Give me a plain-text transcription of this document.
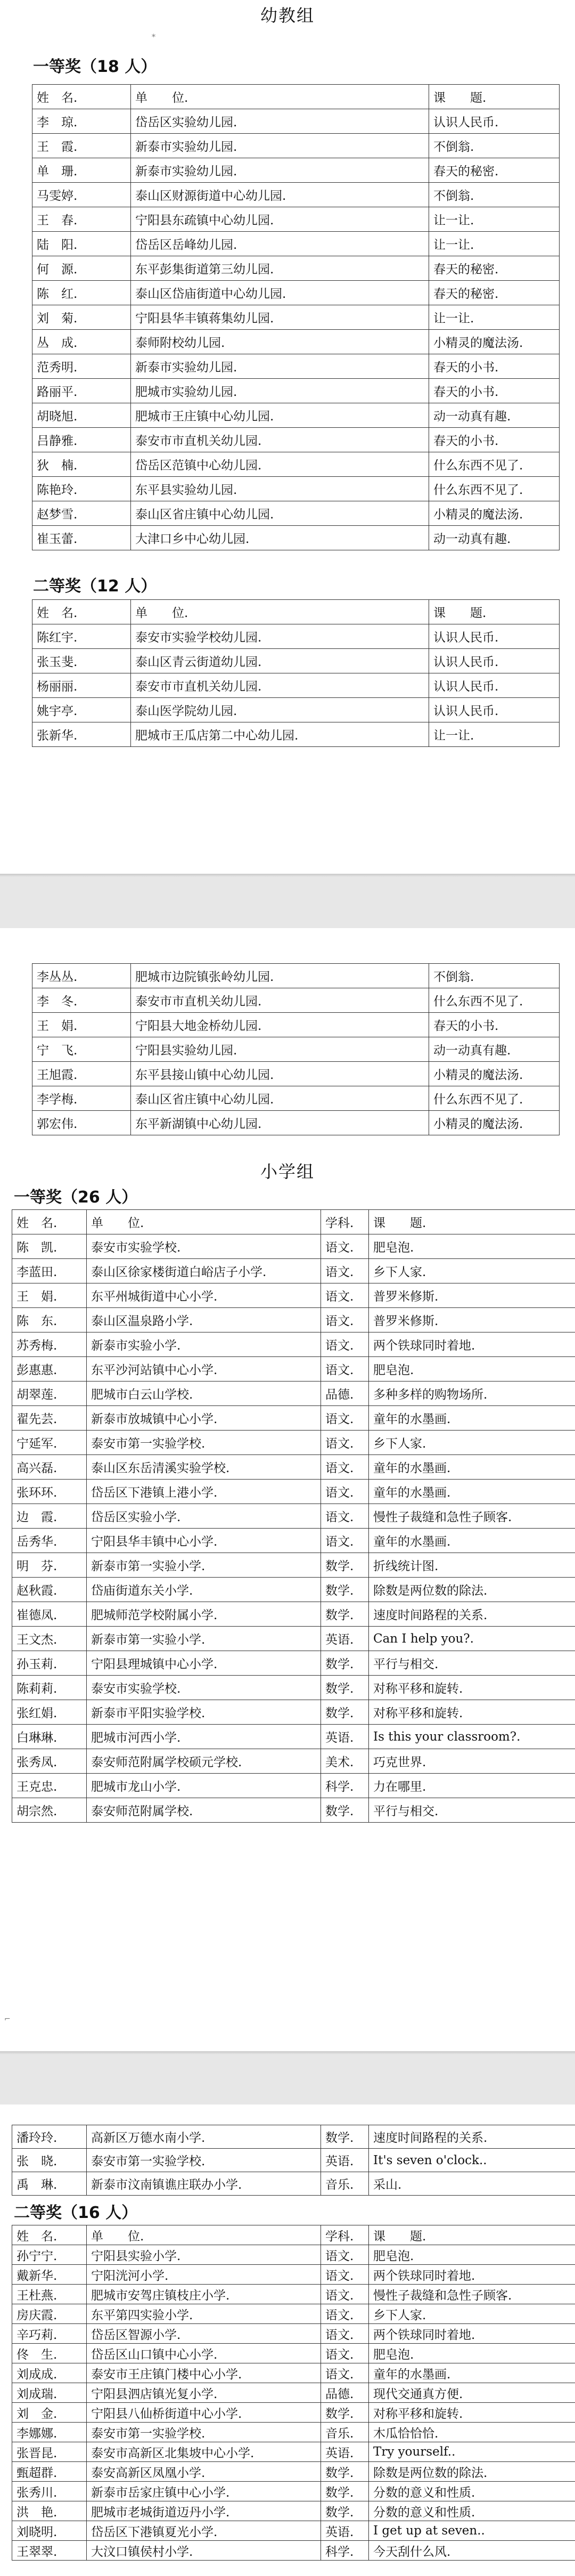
*
幼教组
一等奖（18 人）
姓　名.	单　　位.	课　　题.
李　琼.	岱岳区实验幼儿园.	认识人民币.
王　霞.	新泰市实验幼儿园.	不倒翁.
单　珊.	新泰市实验幼儿园.	春天的秘密.
马雯婷.	泰山区财源街道中心幼儿园.	不倒翁.
王　春.	宁阳县东疏镇中心幼儿园.	让一让.
陆　阳.	岱岳区岳峰幼儿园.	让一让.
何　源.	东平彭集街道第三幼儿园.	春天的秘密.
陈　红.	泰山区岱庙街道中心幼儿园.	春天的秘密.
刘　菊.	宁阳县华丰镇蒋集幼儿园.	让一让.
丛　成.	泰师附校幼儿园.	小精灵的魔法汤.
范秀明.	新泰市实验幼儿园.	春天的小书.
路丽平.	肥城市实验幼儿园.	春天的小书.
胡晓旭.	肥城市王庄镇中心幼儿园.	动一动真有趣.
吕静雅.	泰安市市直机关幼儿园.	春天的小书.
狄　楠.	岱岳区范镇中心幼儿园.	什么东西不见了.
陈艳玲.	东平县实验幼儿园.	什么东西不见了.
赵梦雪.	泰山区省庄镇中心幼儿园.	小精灵的魔法汤.
崔玉蕾.	大津口乡中心幼儿园.	动一动真有趣.
二等奖（12 人）
姓　名.	单　　位.	课　　题.
陈红宇.	泰安市实验学校幼儿园.	认识人民币.
张玉斐.	泰山区青云街道幼儿园.	认识人民币.
杨丽丽.	泰安市市直机关幼儿园.	认识人民币.
姚宇亭.	泰山医学院幼儿园.	认识人民币.
张新华.	肥城市王瓜店第二中心幼儿园.	让一让.
李丛丛.	肥城市边院镇张岭幼儿园.	不倒翁.
李　冬.	泰安市市直机关幼儿园.	什么东西不见了.
王　娟.	宁阳县大地金桥幼儿园.	春天的小书.
宁　飞.	宁阳县实验幼儿园.	动一动真有趣.
王旭霞.	东平县接山镇中心幼儿园.	小精灵的魔法汤.
李学梅.	泰山区省庄镇中心幼儿园.	什么东西不见了.
郭宏伟.	东平新湖镇中心幼儿园.	小精灵的魔法汤.
小学组
一等奖（26 人）
姓　名.	单　　位.	学科.	课　　题.
陈　凯.	泰安市实验学校.	语文.	肥皂泡.
李蓝田.	泰山区徐家楼街道白峪店子小学.	语文.	乡下人家.
王　娟.	东平州城街道中心小学.	语文.	普罗米修斯.
陈　东.	泰山区温泉路小学.	语文.	普罗米修斯.
苏秀梅.	新泰市实验小学.	语文.	两个铁球同时着地.
彭惠惠.	东平沙河站镇中心小学.	语文.	肥皂泡.
胡翠莲.	肥城市白云山学校.	品德.	多种多样的购物场所.
翟先芸.	新泰市放城镇中心小学.	语文.	童年的水墨画.
宁延军.	泰安市第一实验学校.	语文.	乡下人家.
高兴磊.	泰山区东岳清溪实验学校.	语文.	童年的水墨画.
张环环.	岱岳区下港镇上港小学.	语文.	童年的水墨画.
边　霞.	岱岳区实验小学.	语文.	慢性子裁缝和急性子顾客.
岳秀华.	宁阳县华丰镇中心小学.	语文.	童年的水墨画.
明　芬.	新泰市第一实验小学.	数学.	折线统计图.
赵秋霞.	岱庙街道东关小学.	数学.	除数是两位数的除法.
崔德凤.	肥城师范学校附属小学.	数学.	速度时间路程的关系.
王文杰.	新泰市第一实验小学.	英语.	Can I help you?.
孙玉莉.	宁阳县理城镇中心小学.	数学.	平行与相交.
陈莉莉.	泰安市实验学校.	数学.	对称平移和旋转.
张红娟.	新泰市平阳实验学校.	数学.	对称平移和旋转.
白琳琳.	肥城市河西小学.	英语.	Is this your classroom?.
张秀凤.	泰安师范附属学校硕元学校.	美术.	巧克世界.
王克忠.	肥城市龙山小学.	科学.	力在哪里.
胡宗然.	泰安师范附属学校.	数学.	平行与相交.
⌐
潘玲玲.	高新区万德水南小学.	数学.	速度时间路程的关系.
张　晓.	泰安市第一实验学校.	英语.	It's seven o'clock..
禹　琳.	新泰市汶南镇谯庄联办小学.	音乐.	采山.
二等奖（16 人）
姓　名.	单　　位.	学科.	课　　题.
孙宁宁.	宁阳县实验小学.	语文.	肥皂泡.
戴新华.	宁阳洸河小学.	语文.	两个铁球同时着地.
王杜燕.	肥城市安驾庄镇枝庄小学.	语文.	慢性子裁缝和急性子顾客.
房庆霞.	东平第四实验小学.	语文.	乡下人家.
辛巧莉.	岱岳区智源小学.	语文.	两个铁球同时着地.
佟　生.	岱岳区山口镇中心小学.	语文.	肥皂泡.
刘成成.	泰安市王庄镇门楼中心小学.	语文.	童年的水墨画.
刘成瑞.	宁阳县泗店镇光复小学.	品德.	现代交通真方便.
刘　金.	宁阳县八仙桥街道中心小学.	数学.	对称平移和旋转.
李娜娜.	泰安市第一实验学校.	音乐.	木瓜恰恰恰.
张晋昆.	泰安市高新区北集坡中心小学.	英语.	Try yourself..
甄超群.	泰安高新区凤凰小学.	数学.	除数是两位数的除法.
张秀川.	新泰市岳家庄镇中心小学.	数学.	分数的意义和性质.
洪　艳.	肥城市老城街道迈丹小学.	数学.	分数的意义和性质.
刘晓明.	岱岳区下港镇夏光小学.	英语.	I get up at seven..
王翠翠.	大汶口镇侯村小学.	科学.	今天刮什么风.
